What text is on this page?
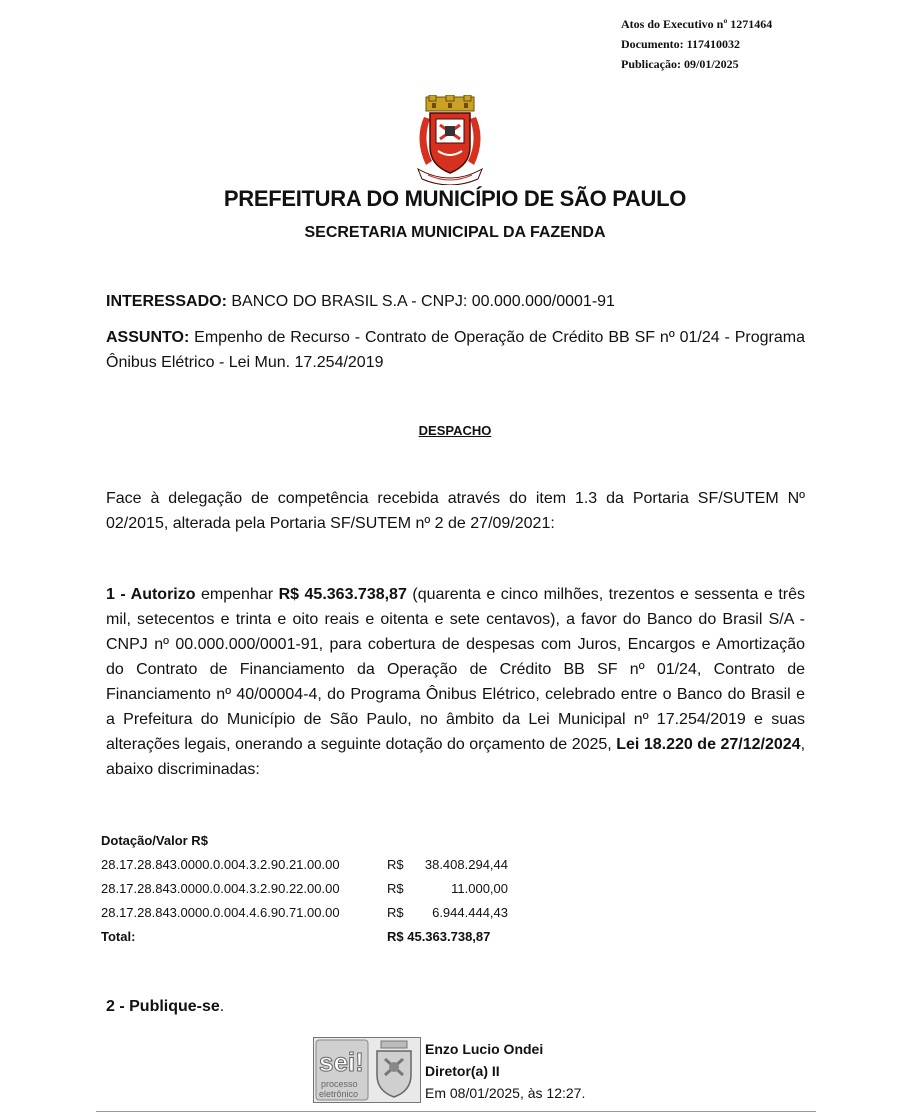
Atos do Executivo nº 1271464
Documento: 117410032
Publicação: 09/01/2025
PREFEITURA DO MUNICÍPIO DE SÃO PAULO
SECRETARIA MUNICIPAL DA FAZENDA
INTERESSADO: BANCO DO BRASIL S.A - CNPJ: 00.000.000/0001-91
ASSUNTO: Empenho de Recurso - Contrato de Operação de Crédito BB SF nº 01/24 - Programa Ônibus Elétrico - Lei Mun. 17.254/2019
DESPACHO
Face à delegação de competência recebida através do item 1.3 da Portaria SF/SUTEM Nº 02/2015, alterada pela Portaria SF/SUTEM nº 2 de 27/09/2021:
1 - Autorizo empenhar R$ 45.363.738,87 (quarenta e cinco milhões, trezentos e sessenta e três mil, setecentos e trinta e oito reais e oitenta e sete centavos), a favor do Banco do Brasil S/A - CNPJ nº 00.000.000/0001-91, para cobertura de despesas com Juros, Encargos e Amortização do Contrato de Financiamento da Operação de Crédito BB SF nº 01/24, Contrato de Financiamento nº 40/00004-4, do Programa Ônibus Elétrico, celebrado entre o Banco do Brasil e a Prefeitura do Município de São Paulo, no âmbito da Lei Municipal nº 17.254/2019 e suas alterações legais, onerando a seguinte dotação do orçamento de 2025, Lei 18.220 de 27/12/2024, abaixo discriminadas:
Dotação/Valor R$
28.17.28.843.0000.0.004.3.2.90.21.00.00	R$	38.408.294,44
28.17.28.843.0000.0.004.3.2.90.22.00.00	R$	11.000,00
28.17.28.843.0000.0.004.4.6.90.71.00.00	R$	6.944.444,43
Total:	R$ 45.363.738,87
2 - Publique-se.
sei!
processo
eletrônico
Enzo Lucio Ondei
Diretor(a) II
Em 08/01/2025, às 12:27.
